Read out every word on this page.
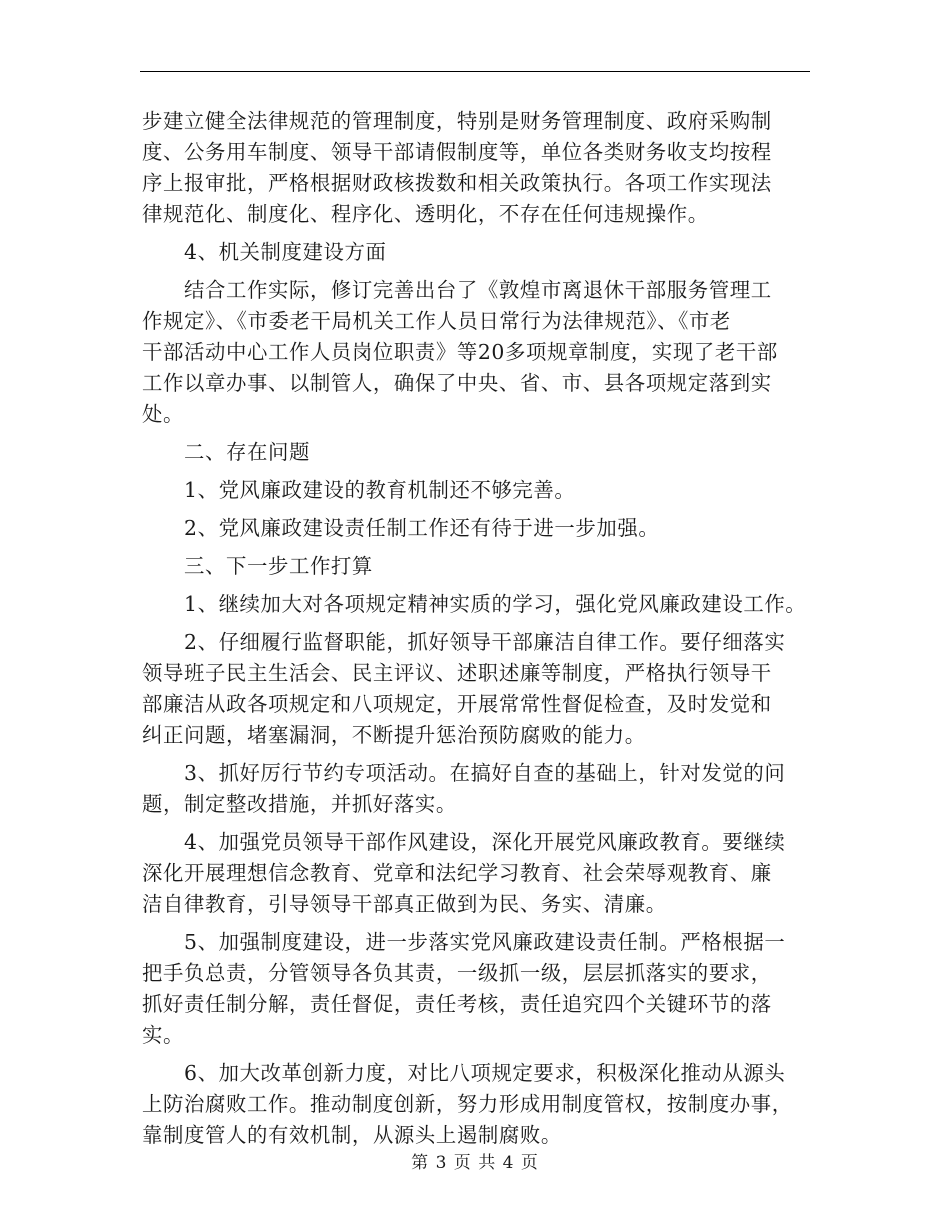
步建立健全法律规范的管理制度，特别是财务管理制度、政府采购制
度、公务用车制度、领导干部请假制度等，单位各类财务收支均按程
序上报审批，严格根据财政核拨数和相关政策执行。各项工作实现法
律规范化、制度化、程序化、透明化，不存在任何违规操作。
4、机关制度建设方面
结合工作实际，修订完善出台了《敦煌市离退休干部服务管理工
作规定》、《市委老干局机关工作人员日常行为法律规范》、《市老
干部活动中心工作人员岗位职责》等20多项规章制度，实现了老干部
工作以章办事、以制管人，确保了中央、省、市、县各项规定落到实
处。
二、存在问题
1、党风廉政建设的教育机制还不够完善。
2、党风廉政建设责任制工作还有待于进一步加强。
三、下一步工作打算
1、继续加大对各项规定精神实质的学习，强化党风廉政建设工作。
2、仔细履行监督职能，抓好领导干部廉洁自律工作。要仔细落实
领导班子民主生活会、民主评议、述职述廉等制度，严格执行领导干
部廉洁从政各项规定和八项规定，开展常常性督促检查，及时发觉和
纠正问题，堵塞漏洞，不断提升惩治预防腐败的能力。
3、抓好厉行节约专项活动。在搞好自查的基础上，针对发觉的问
题，制定整改措施，并抓好落实。
4、加强党员领导干部作风建设，深化开展党风廉政教育。要继续
深化开展理想信念教育、党章和法纪学习教育、社会荣辱观教育、廉
洁自律教育，引导领导干部真正做到为民、务实、清廉。
5、加强制度建设，进一步落实党风廉政建设责任制。严格根据一
把手负总责，分管领导各负其责，一级抓一级，层层抓落实的要求，
抓好责任制分解，责任督促，责任考核，责任追究四个关键环节的落
实。
6、加大改革创新力度，对比八项规定要求，积极深化推动从源头
上防治腐败工作。推动制度创新，努力形成用制度管权，按制度办事，
靠制度管人的有效机制，从源头上遏制腐败。
第 3 页 共 4 页
